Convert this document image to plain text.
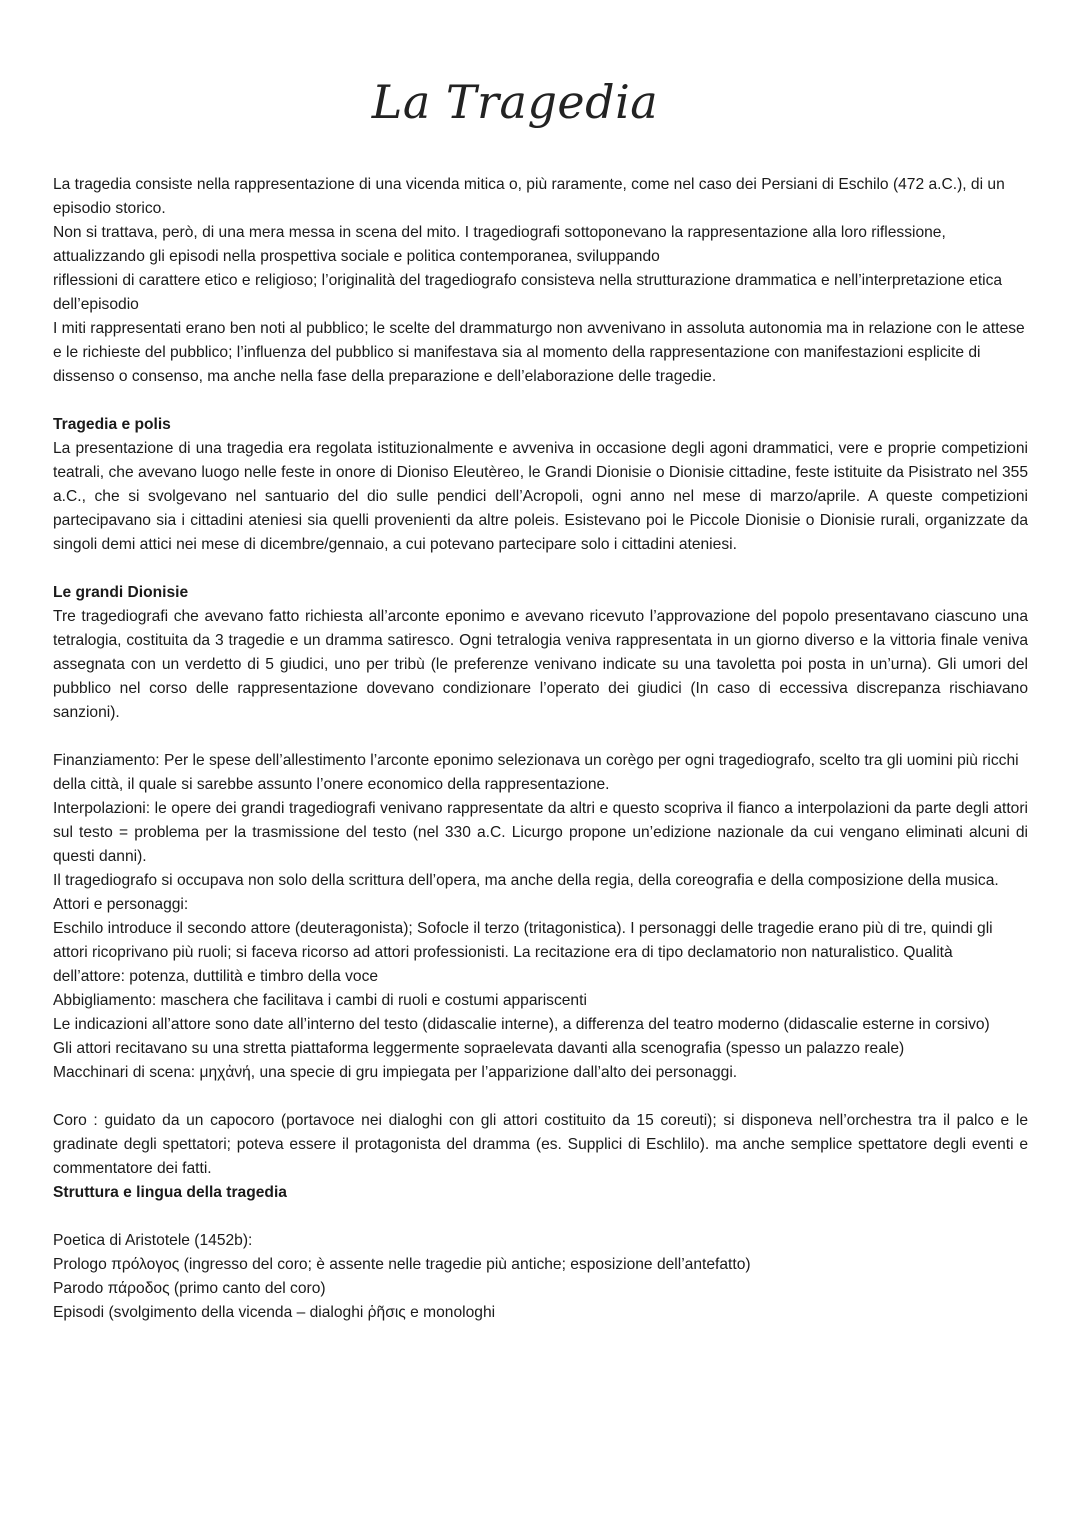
La Tragedia

La tragedia consiste nella rappresentazione di una vicenda mitica o, più raramente, come nel caso dei Persiani di Eschilo (472 a.C.), di un episodio storico.

Non si trattava, però, di una mera messa in scena del mito. I tragediografi sottoponevano la rappresentazione alla loro riflessione, attualizzando gli episodi nella prospettiva sociale e politica contemporanea, sviluppando

riflessioni di carattere etico e religioso; l’originalità del tragediografo consisteva nella strutturazione drammatica e nell’interpretazione etica dell’episodio

I miti rappresentati erano ben noti al pubblico; le scelte del drammaturgo non avvenivano in assoluta autonomia ma in relazione con le attese e le richieste del pubblico; l’influenza del pubblico si manifestava sia al momento della rappresentazione con manifestazioni esplicite di dissenso o consenso, ma anche nella fase della preparazione e dell’elaborazione delle tragedie.

Tragedia e polis

La presentazione di una tragedia era regolata istituzionalmente e avveniva in occasione degli agoni drammatici, vere e proprie competizioni teatrali, che avevano luogo nelle feste in onore di Dioniso Eleutèreo, le Grandi Dionisie o Dionisie cittadine, feste istituite da Pisistrato nel 355 a.C., che si svolgevano nel santuario del dio sulle pendici dell’Acropoli, ogni anno nel mese di marzo/aprile. A queste competizioni partecipavano sia i cittadini ateniesi sia quelli provenienti da altre poleis. Esistevano poi le Piccole Dionisie o Dionisie rurali, organizzate da singoli demi attici nei mese di dicembre/gennaio, a cui potevano partecipare solo i cittadini ateniesi.

Le grandi Dionisie

Tre tragediografi che avevano fatto richiesta all’arconte eponimo e avevano ricevuto l’approvazione del popolo presentavano ciascuno una tetralogia, costituita da 3 tragedie e un dramma satiresco. Ogni tetralogia veniva rappresentata in un giorno diverso e la vittoria finale veniva assegnata con un verdetto di 5 giudici, uno per tribù (le preferenze venivano indicate su una tavoletta poi posta in un’urna). Gli umori del pubblico nel corso delle rappresentazione dovevano condizionare l’operato dei giudici (In caso di eccessiva discrepanza rischiavano sanzioni).

Finanziamento: Per le spese dell’allestimento l’arconte eponimo selezionava un corègo per ogni tragediografo, scelto tra gli uomini più ricchi della città, il quale si sarebbe assunto l’onere economico della rappresentazione.

Interpolazioni: le opere dei grandi tragediografi venivano rappresentate da altri e questo scopriva il fianco a interpolazioni da parte degli attori sul testo = problema per la trasmissione del testo (nel 330 a.C. Licurgo propone un’edizione nazionale da cui vengano eliminati alcuni di questi danni).

Il tragediografo si occupava non solo della scrittura dell’opera, ma anche della regia, della coreografia e della composizione della musica.

Attori e personaggi:

Eschilo introduce il secondo attore (deuteragonista); Sofocle il terzo (tritagonistica). I personaggi delle tragedie erano più di tre, quindi gli attori ricoprivano più ruoli; si faceva ricorso ad attori professionisti. La recitazione era di tipo declamatorio non naturalistico. Qualità dell’attore: potenza, duttilità e timbro della voce

Abbigliamento: maschera che facilitava i cambi di ruoli e costumi appariscenti

Le indicazioni all’attore sono date all’interno del testo (didascalie interne), a differenza del teatro moderno (didascalie esterne in corsivo)

Gli attori recitavano su una stretta piattaforma leggermente sopraelevata davanti alla scenografia (spesso un palazzo reale)

Macchinari di scena: μηχἀνή, una specie di gru impiegata per l’apparizione dall’alto dei personaggi.

Coro : guidato da un capocoro (portavoce nei dialoghi con gli attori costituito da 15 coreuti); si disponeva nell’orchestra tra il palco e le gradinate degli spettatori; poteva essere il protagonista del dramma (es. Supplici di Eschlilo). ma anche semplice spettatore degli eventi e commentatore dei fatti.

Struttura e lingua della tragedia

Poetica di Aristotele (1452b):

Prologo πρόλογος (ingresso del coro; è assente nelle tragedie più antiche; esposizione dell’antefatto)

Parodo πάροδος (primo canto del coro)

Episodi (svolgimento della vicenda – dialoghi ῥῆσις e monologhi
